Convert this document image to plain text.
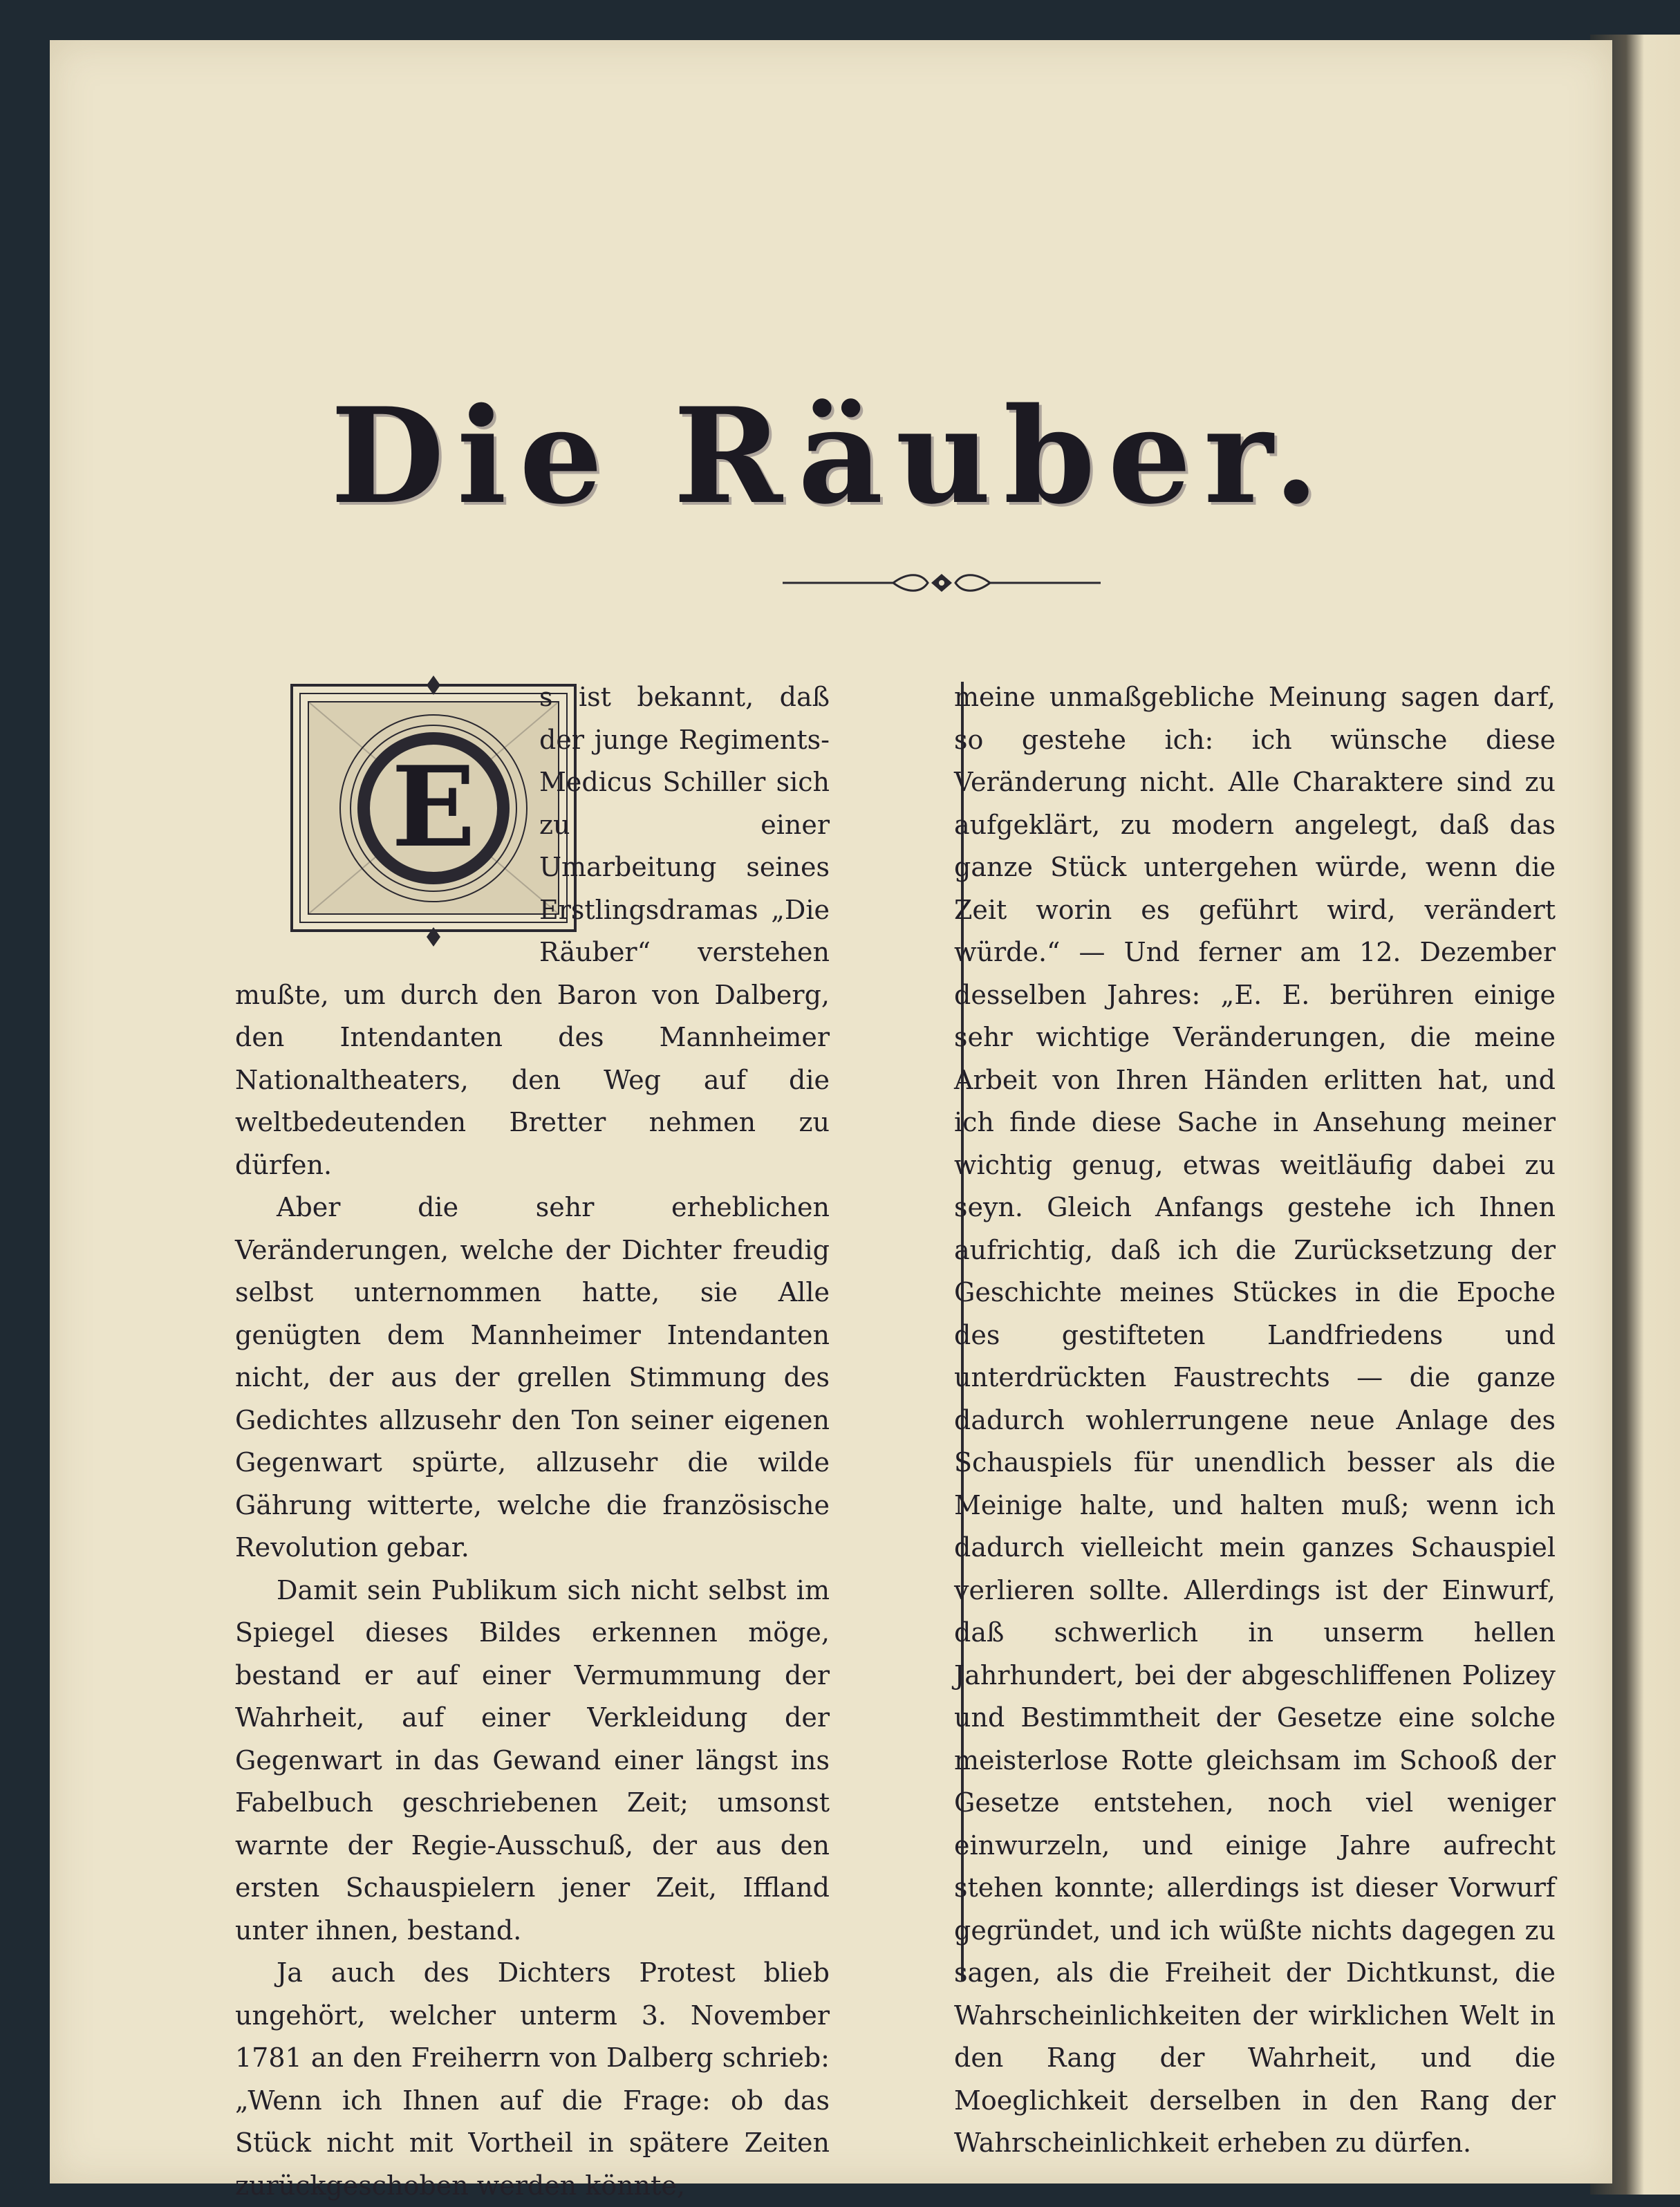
Die Räuber.
E

s ist bekannt, daß der junge Regiments-Medicus Schiller sich zu einer Umarbeitung seines Erstlingsdramas „Die Räuber“ verstehen mußte, um durch den Baron von Dalberg, den Intendanten des Mannheimer Nationaltheaters, den Weg auf die weltbedeutenden Bretter nehmen zu dürfen.

Aber die sehr erheblichen Veränderungen, welche der Dichter freudig selbst unternommen hatte, sie Alle genügten dem Mannheimer Intendanten nicht, der aus der grellen Stimmung des Gedichtes allzusehr den Ton seiner eigenen Gegenwart spürte, allzusehr die wilde Gährung witterte, welche die französische Revolution gebar.

Damit sein Publikum sich nicht selbst im Spiegel dieses Bildes erkennen möge, bestand er auf einer Vermummung der Wahrheit, auf einer Verkleidung der Gegenwart in das Gewand einer längst ins Fabelbuch geschriebenen Zeit; umsonst warnte der Regie-Ausschuß, der aus den ersten Schauspielern jener Zeit, Iffland unter ihnen, bestand.

Ja auch des Dichters Protest blieb ungehört, welcher unterm 3. November 1781 an den Freiherrn von Dalberg schrieb: „Wenn ich Ihnen auf die Frage: ob das Stück nicht mit Vortheil in spätere Zeiten zurückgeschoben werden könnte,

meine unmaßgebliche Meinung sagen darf, so gestehe ich: ich wünsche diese Veränderung nicht. Alle Charaktere sind zu aufgeklärt, zu modern angelegt, daß das ganze Stück untergehen würde, wenn die Zeit worin es geführt wird, verändert würde.“ — Und ferner am 12. Dezember desselben Jahres: „E. E. berühren einige sehr wichtige Veränderungen, die meine Arbeit von Ihren Händen erlitten hat, und ich finde diese Sache in Ansehung meiner wichtig genug, etwas weitläufig dabei zu seyn. Gleich Anfangs gestehe ich Ihnen aufrichtig, daß ich die Zurücksetzung der Geschichte meines Stückes in die Epoche des gestifteten Landfriedens und unterdrückten Faustrechts — die ganze dadurch wohlerrungene neue Anlage des Schauspiels für unendlich besser als die Meinige halte, und halten muß; wenn ich dadurch vielleicht mein ganzes Schauspiel verlieren sollte. Allerdings ist der Einwurf, daß schwerlich in unserm hellen Jahrhundert, bei der abgeschliffenen Polizey und Bestimmtheit der Gesetze eine solche meisterlose Rotte gleichsam im Schooß der Gesetze entstehen, noch viel weniger einwurzeln, und einige Jahre aufrecht stehen konnte; allerdings ist dieser Vorwurf gegründet, und ich wüßte nichts dagegen zu sagen, als die Freiheit der Dichtkunst, die Wahrscheinlichkeiten der wirklichen Welt in den Rang der Wahrheit, und die Moeglichkeit derselben in den Rang der Wahrscheinlichkeit erheben zu dürfen.
